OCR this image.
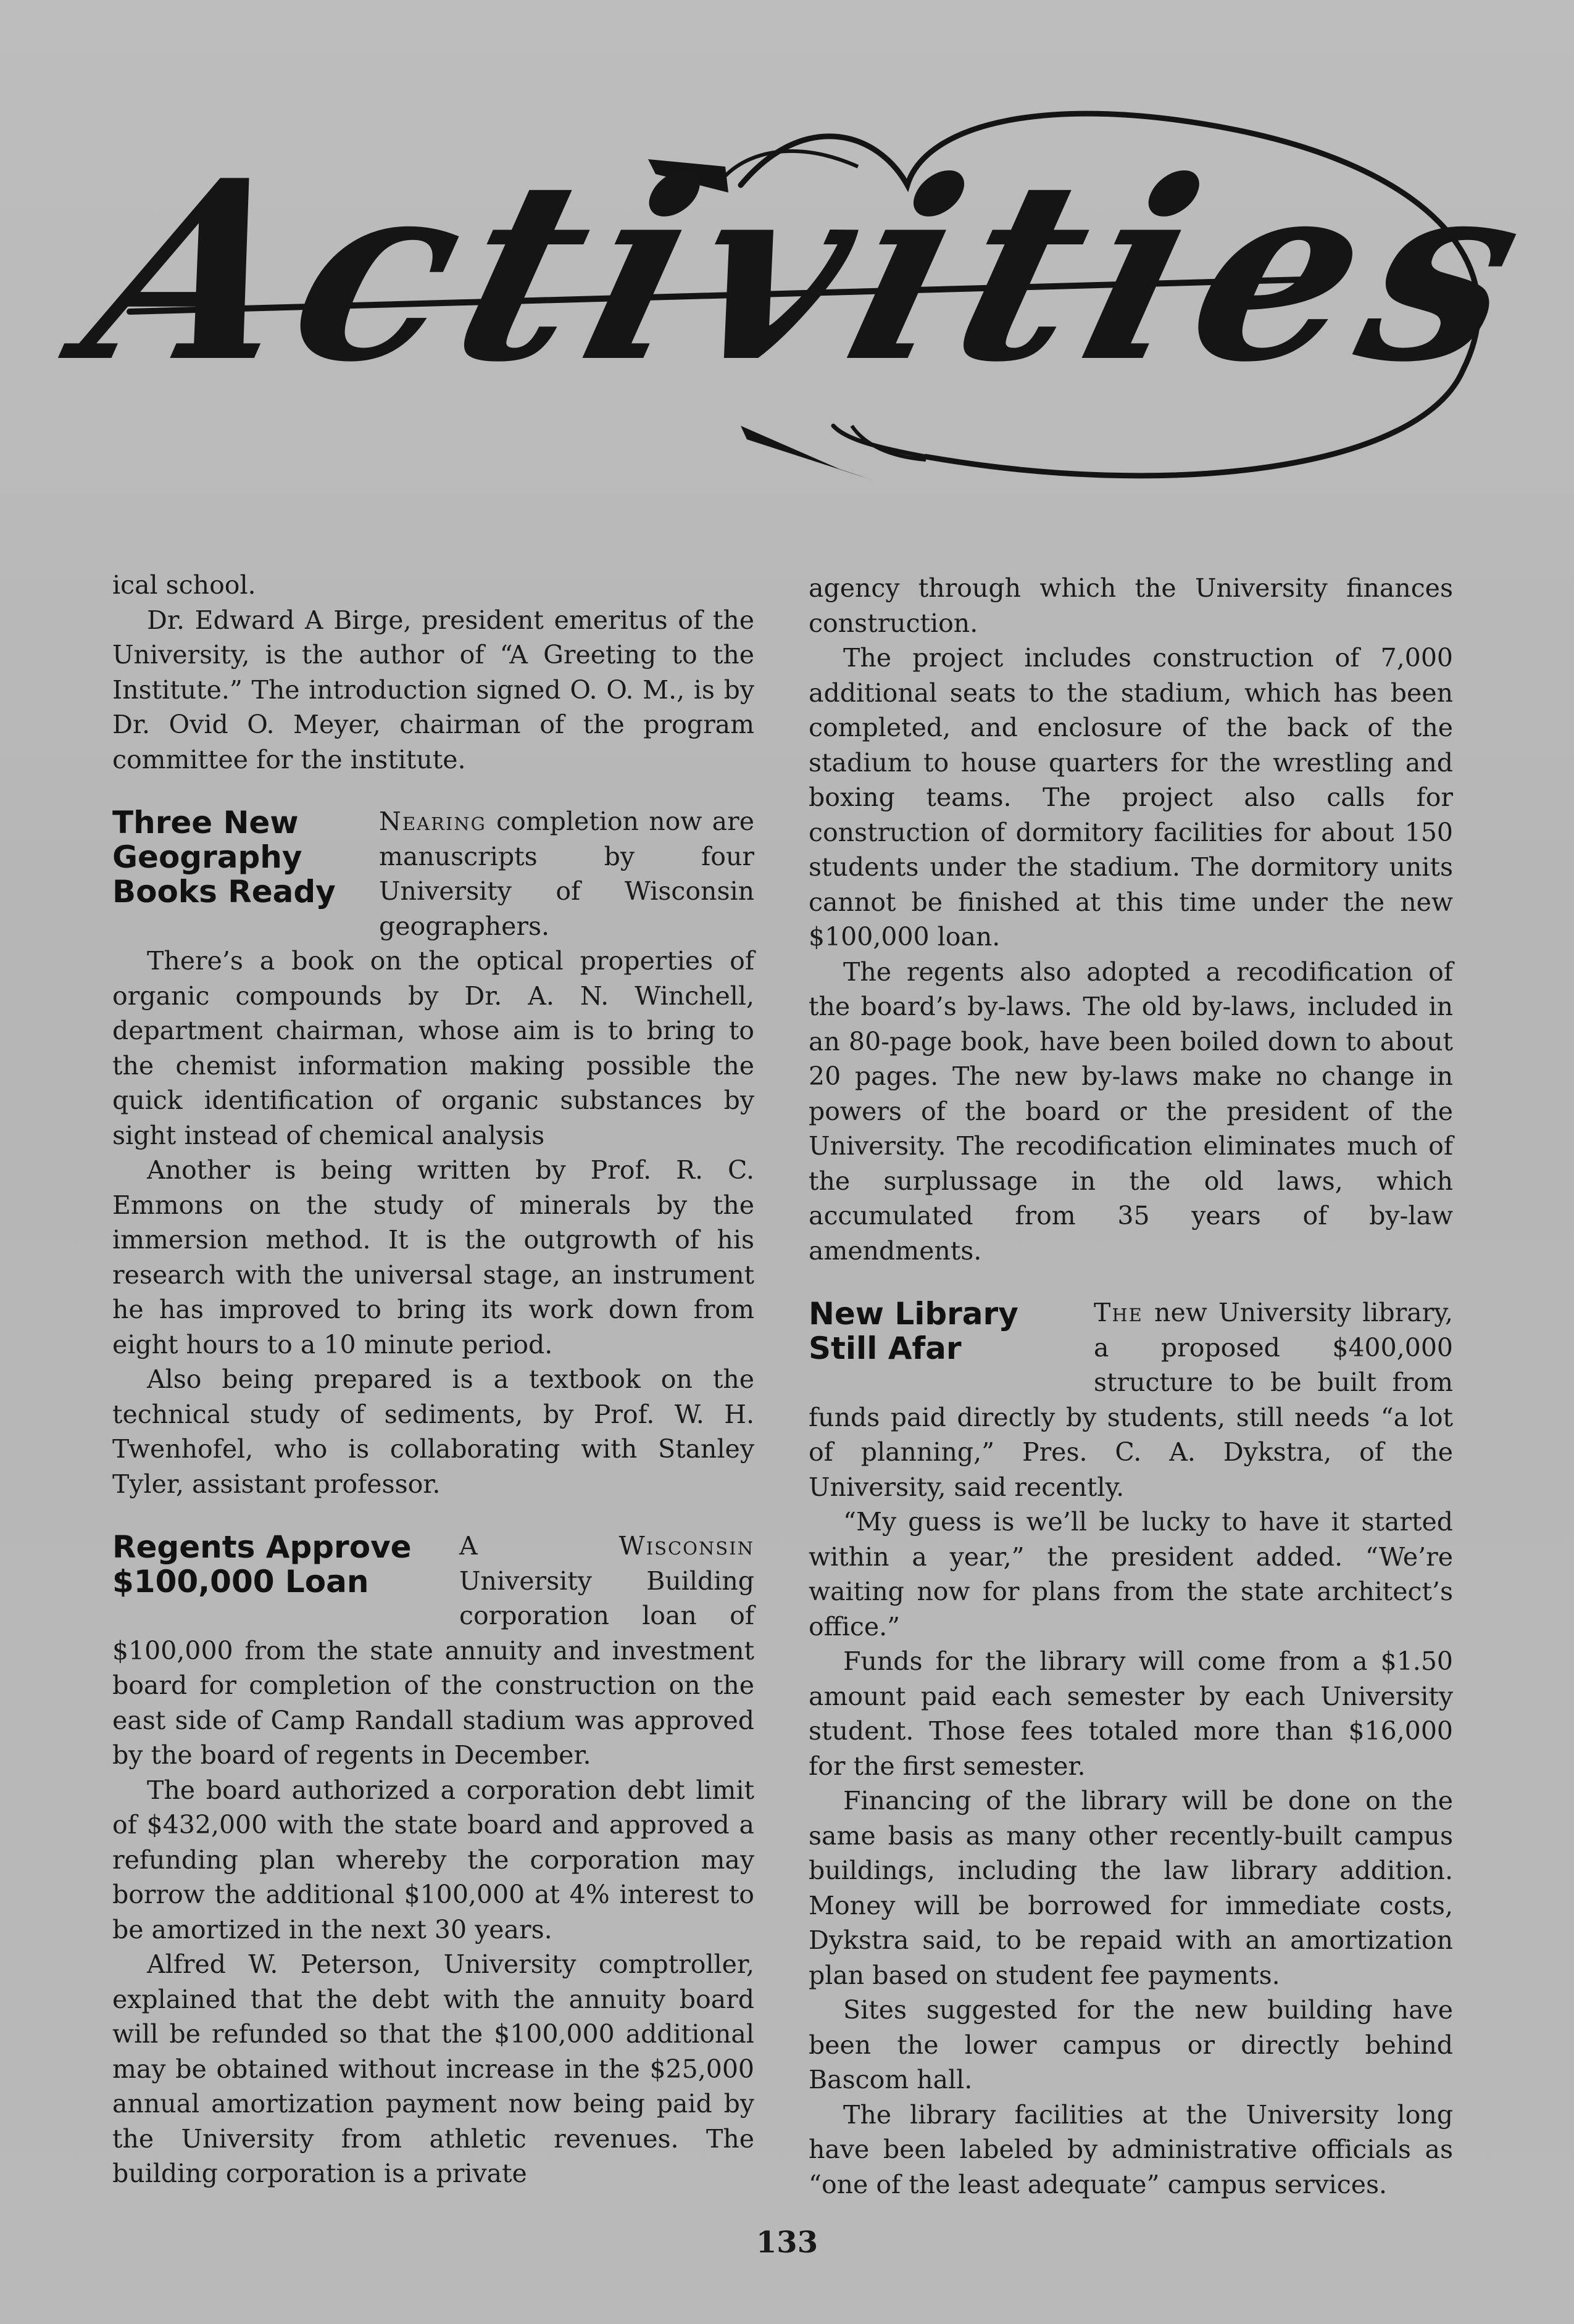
Activities

ical school.

Dr. Edward A Birge, president emeritus of the University, is the author of “A Greeting to the Institute.” The introduction signed O. O. M., is by Dr. Ovid O. Meyer, chairman of the program committee for the institute.

Three New
Geography
Books Ready

Nearing completion now are manuscripts by four University of Wisconsin geographers.

There’s a book on the optical properties of organic compounds by Dr. A. N. Winchell, department chairman, whose aim is to bring to the chemist information making possible the quick identification of organic substances by sight instead of chemical analysis

Another is being written by Prof. R. C. Emmons on the study of minerals by the immersion method. It is the outgrowth of his research with the universal stage, an instrument he has improved to bring its work down from eight hours to a 10 minute period.

Also being prepared is a textbook on the technical study of sediments, by Prof. W. H. Twenhofel, who is collaborating with Stanley Tyler, assistant professor.

Regents Approve
$100,000 Loan

A Wisconsin University Building corporation loan of $100,000 from the state annuity and investment board for completion of the construction on the east side of Camp Randall stadium was approved by the board of regents in December.

The board authorized a corporation debt limit of $432,000 with the state board and approved a refunding plan whereby the corporation may borrow the additional $100,000 at 4% interest to be amortized in the next 30 years.

Alfred W. Peterson, University comptroller, explained that the debt with the annuity board will be refunded so that the $100,000 additional may be obtained without increase in the $25,000 annual amortization payment now being paid by the University from athletic revenues. The building corporation is a private

agency through which the University finances construction.

The project includes construction of 7,000 additional seats to the stadium, which has been completed, and enclosure of the back of the stadium to house quarters for the wrestling and boxing teams. The project also calls for construction of dormitory facilities for about 150 students under the stadium. The dormitory units cannot be finished at this time under the new $100,000 loan.

The regents also adopted a recodification of the board’s by-laws. The old by-laws, included in an 80-page book, have been boiled down to about 20 pages. The new by-laws make no change in powers of the board or the president of the University. The recodification eliminates much of the surplussage in the old laws, which accumulated from 35 years of by-law amendments.

New Library
Still Afar

The new University library, a proposed $400,000 structure to be built from funds paid directly by students, still needs “a lot of planning,” Pres. C. A. Dykstra, of the University, said recently.

“My guess is we’ll be lucky to have it started within a year,” the president added. “We’re waiting now for plans from the state architect’s office.”

Funds for the library will come from a $1.50 amount paid each semester by each University student. Those fees totaled more than $16,000 for the first semester.

Financing of the library will be done on the same basis as many other recently-built campus buildings, including the law library addition. Money will be borrowed for immediate costs, Dykstra said, to be repaid with an amortization plan based on student fee payments.

Sites suggested for the new building have been the lower campus or directly behind Bascom hall.

The library facilities at the University long have been labeled by administrative officials as “one of the least adequate” campus services.

133
